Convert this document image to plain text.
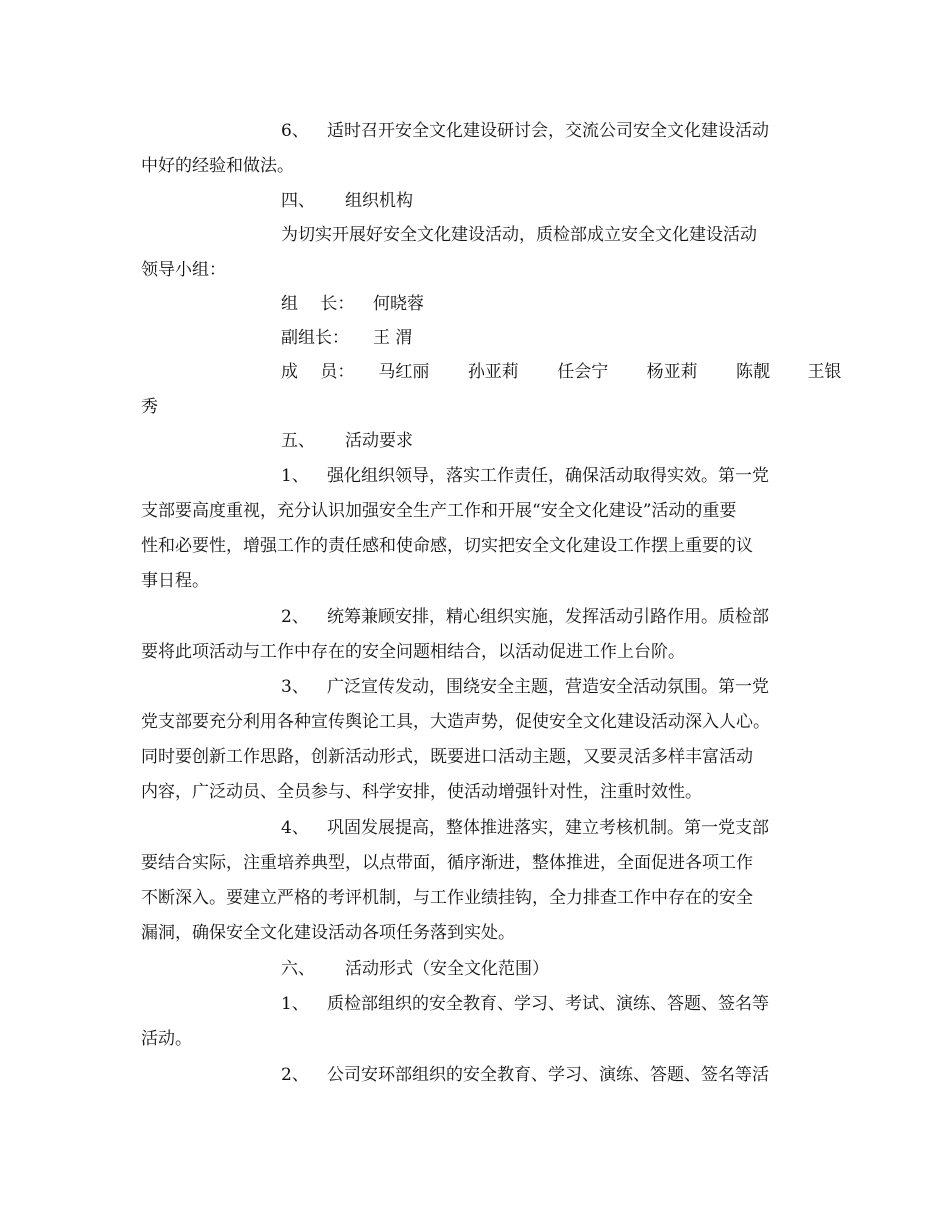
6、 适时召开安全文化建设研讨会，交流公司安全文化建设活动
中好的经验和做法。
四、 组织机构
为切实开展好安全文化建设活动，质检部成立安全文化建设活动
领导小组：
组　 长： 何晓蓉
副组长： 王 渭
成　 员： 马红丽 孙亚莉 任会宁 杨亚莉 陈靓 王银
秀
五、 活动要求
1、 强化组织领导，落实工作责任，确保活动取得实效。第一党
支部要高度重视，充分认识加强安全生产工作和开展“安全文化建设”活动的重要
性和必要性，增强工作的责任感和使命感，切实把安全文化建设工作摆上重要的议
事日程。
2、 统筹兼顾安排，精心组织实施，发挥活动引路作用。质检部
要将此项活动与工作中存在的安全问题相结合，以活动促进工作上台阶。
3、 广泛宣传发动，围绕安全主题，营造安全活动氛围。第一党
党支部要充分利用各种宣传舆论工具，大造声势，促使安全文化建设活动深入人心。
同时要创新工作思路，创新活动形式，既要进口活动主题，又要灵活多样丰富活动
内容，广泛动员、全员参与、科学安排，使活动增强针对性，注重时效性。
4、 巩固发展提高，整体推进落实，建立考核机制。第一党支部
要结合实际，注重培养典型，以点带面，循序渐进，整体推进，全面促进各项工作
不断深入。要建立严格的考评机制，与工作业绩挂钩，全力排查工作中存在的安全
漏洞，确保安全文化建设活动各项任务落到实处。
六、 活动形式（安全文化范围）
1、 质检部组织的安全教育、学习、考试、演练、答题、签名等
活动。
2、 公司安环部组织的安全教育、学习、演练、答题、签名等活
